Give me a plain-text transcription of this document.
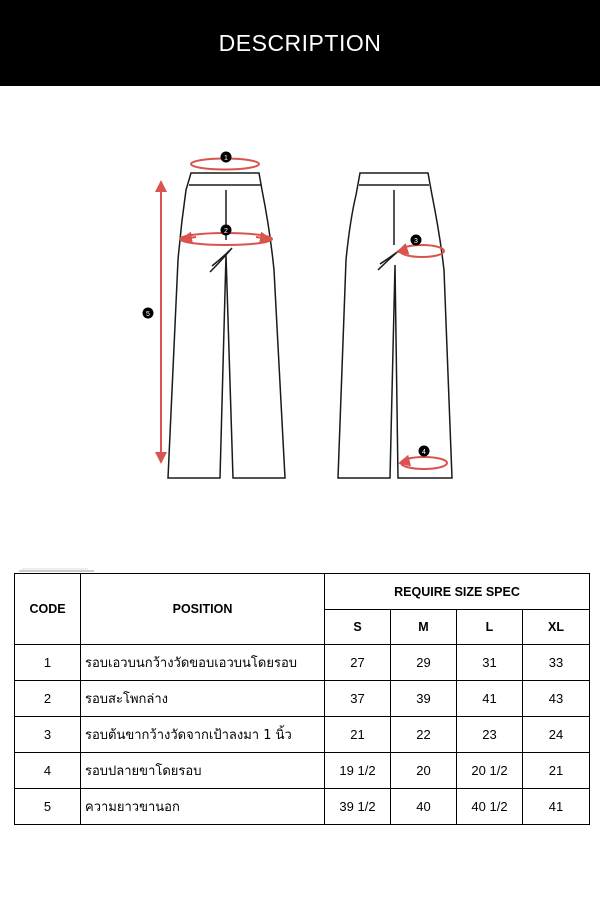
DESCRIPTION
1
2
3
4
5
CODE	POSITION	REQUIRE SIZE SPEC			
		S	M	L	XL
1	รอบเอวบนกว้างวัดขอบเอวบนโดยรอบ	27	29	31	33
2	รอบสะโพกล่าง	37	39	41	43
3	รอบต้นขากว้างวัดจากเป้าลงมา 1 นิ้ว	21	22	23	24
4	รอบปลายขาโดยรอบ	19 1/2	20	20 1/2	21
5	ความยาวขานอก	39 1/2	40	40 1/2	41
